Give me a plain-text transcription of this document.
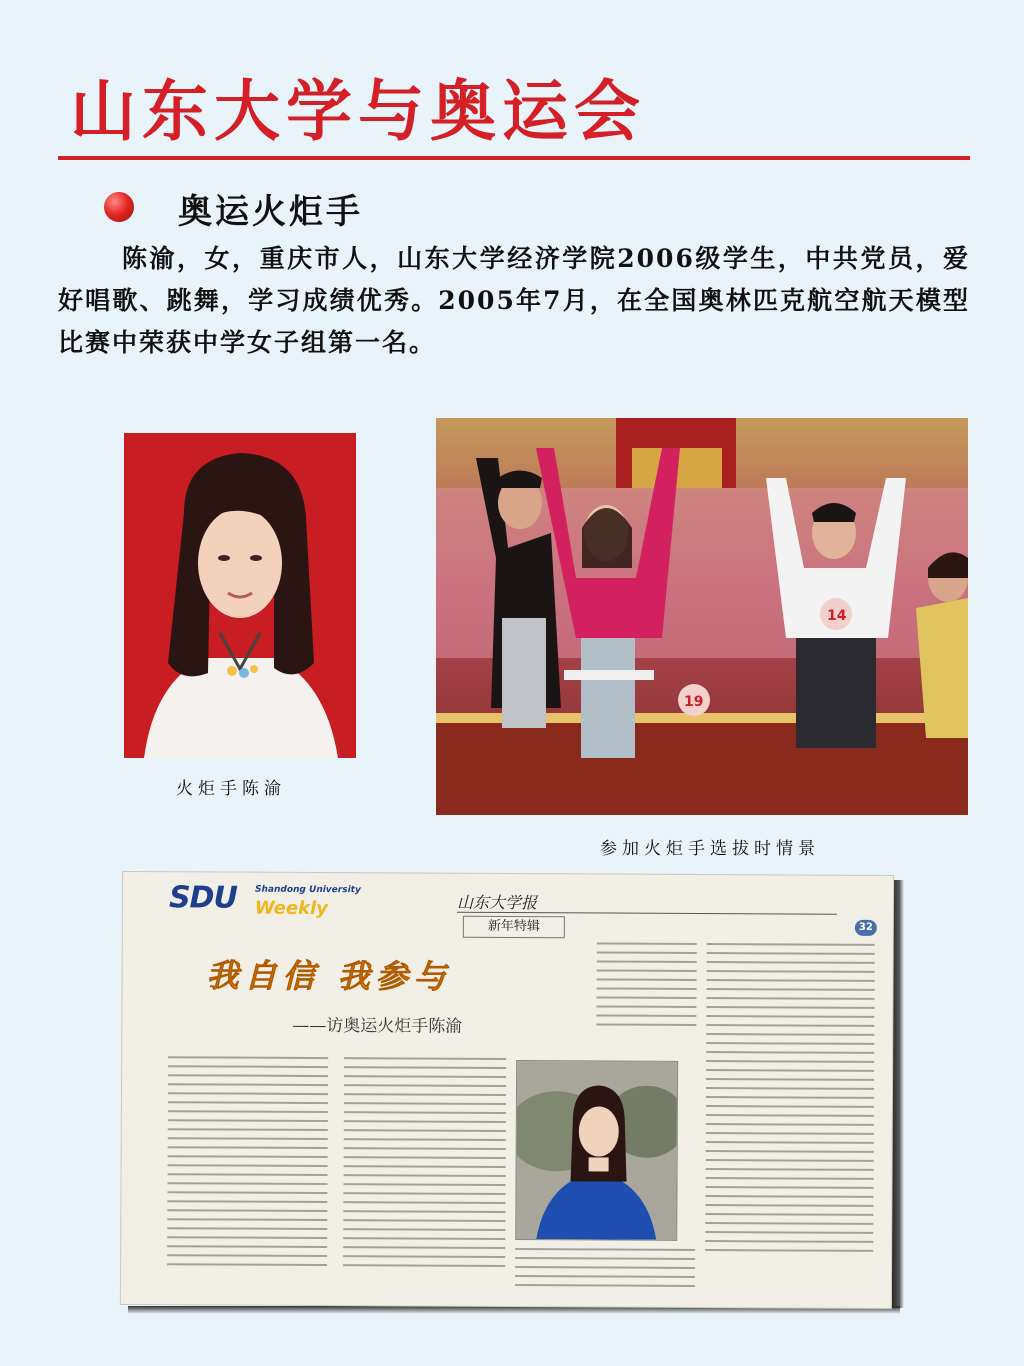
山东大学与奥运会
奥运火炬手

陈渝，女，重庆市人，山东大学经济学院2006级学生，中共党员，爱好唱歌、跳舞，学习成绩优秀。2005年7月，在全国奥林匹克航空航天模型比赛中荣获中学女子组第一名。

火炬手陈渝
19
14
参加火炬手选拔时情景
SDU Shandong University
Weekly	山东大学报
新年特辑	32
我自信 我参与
——访奥运火炬手陈渝
